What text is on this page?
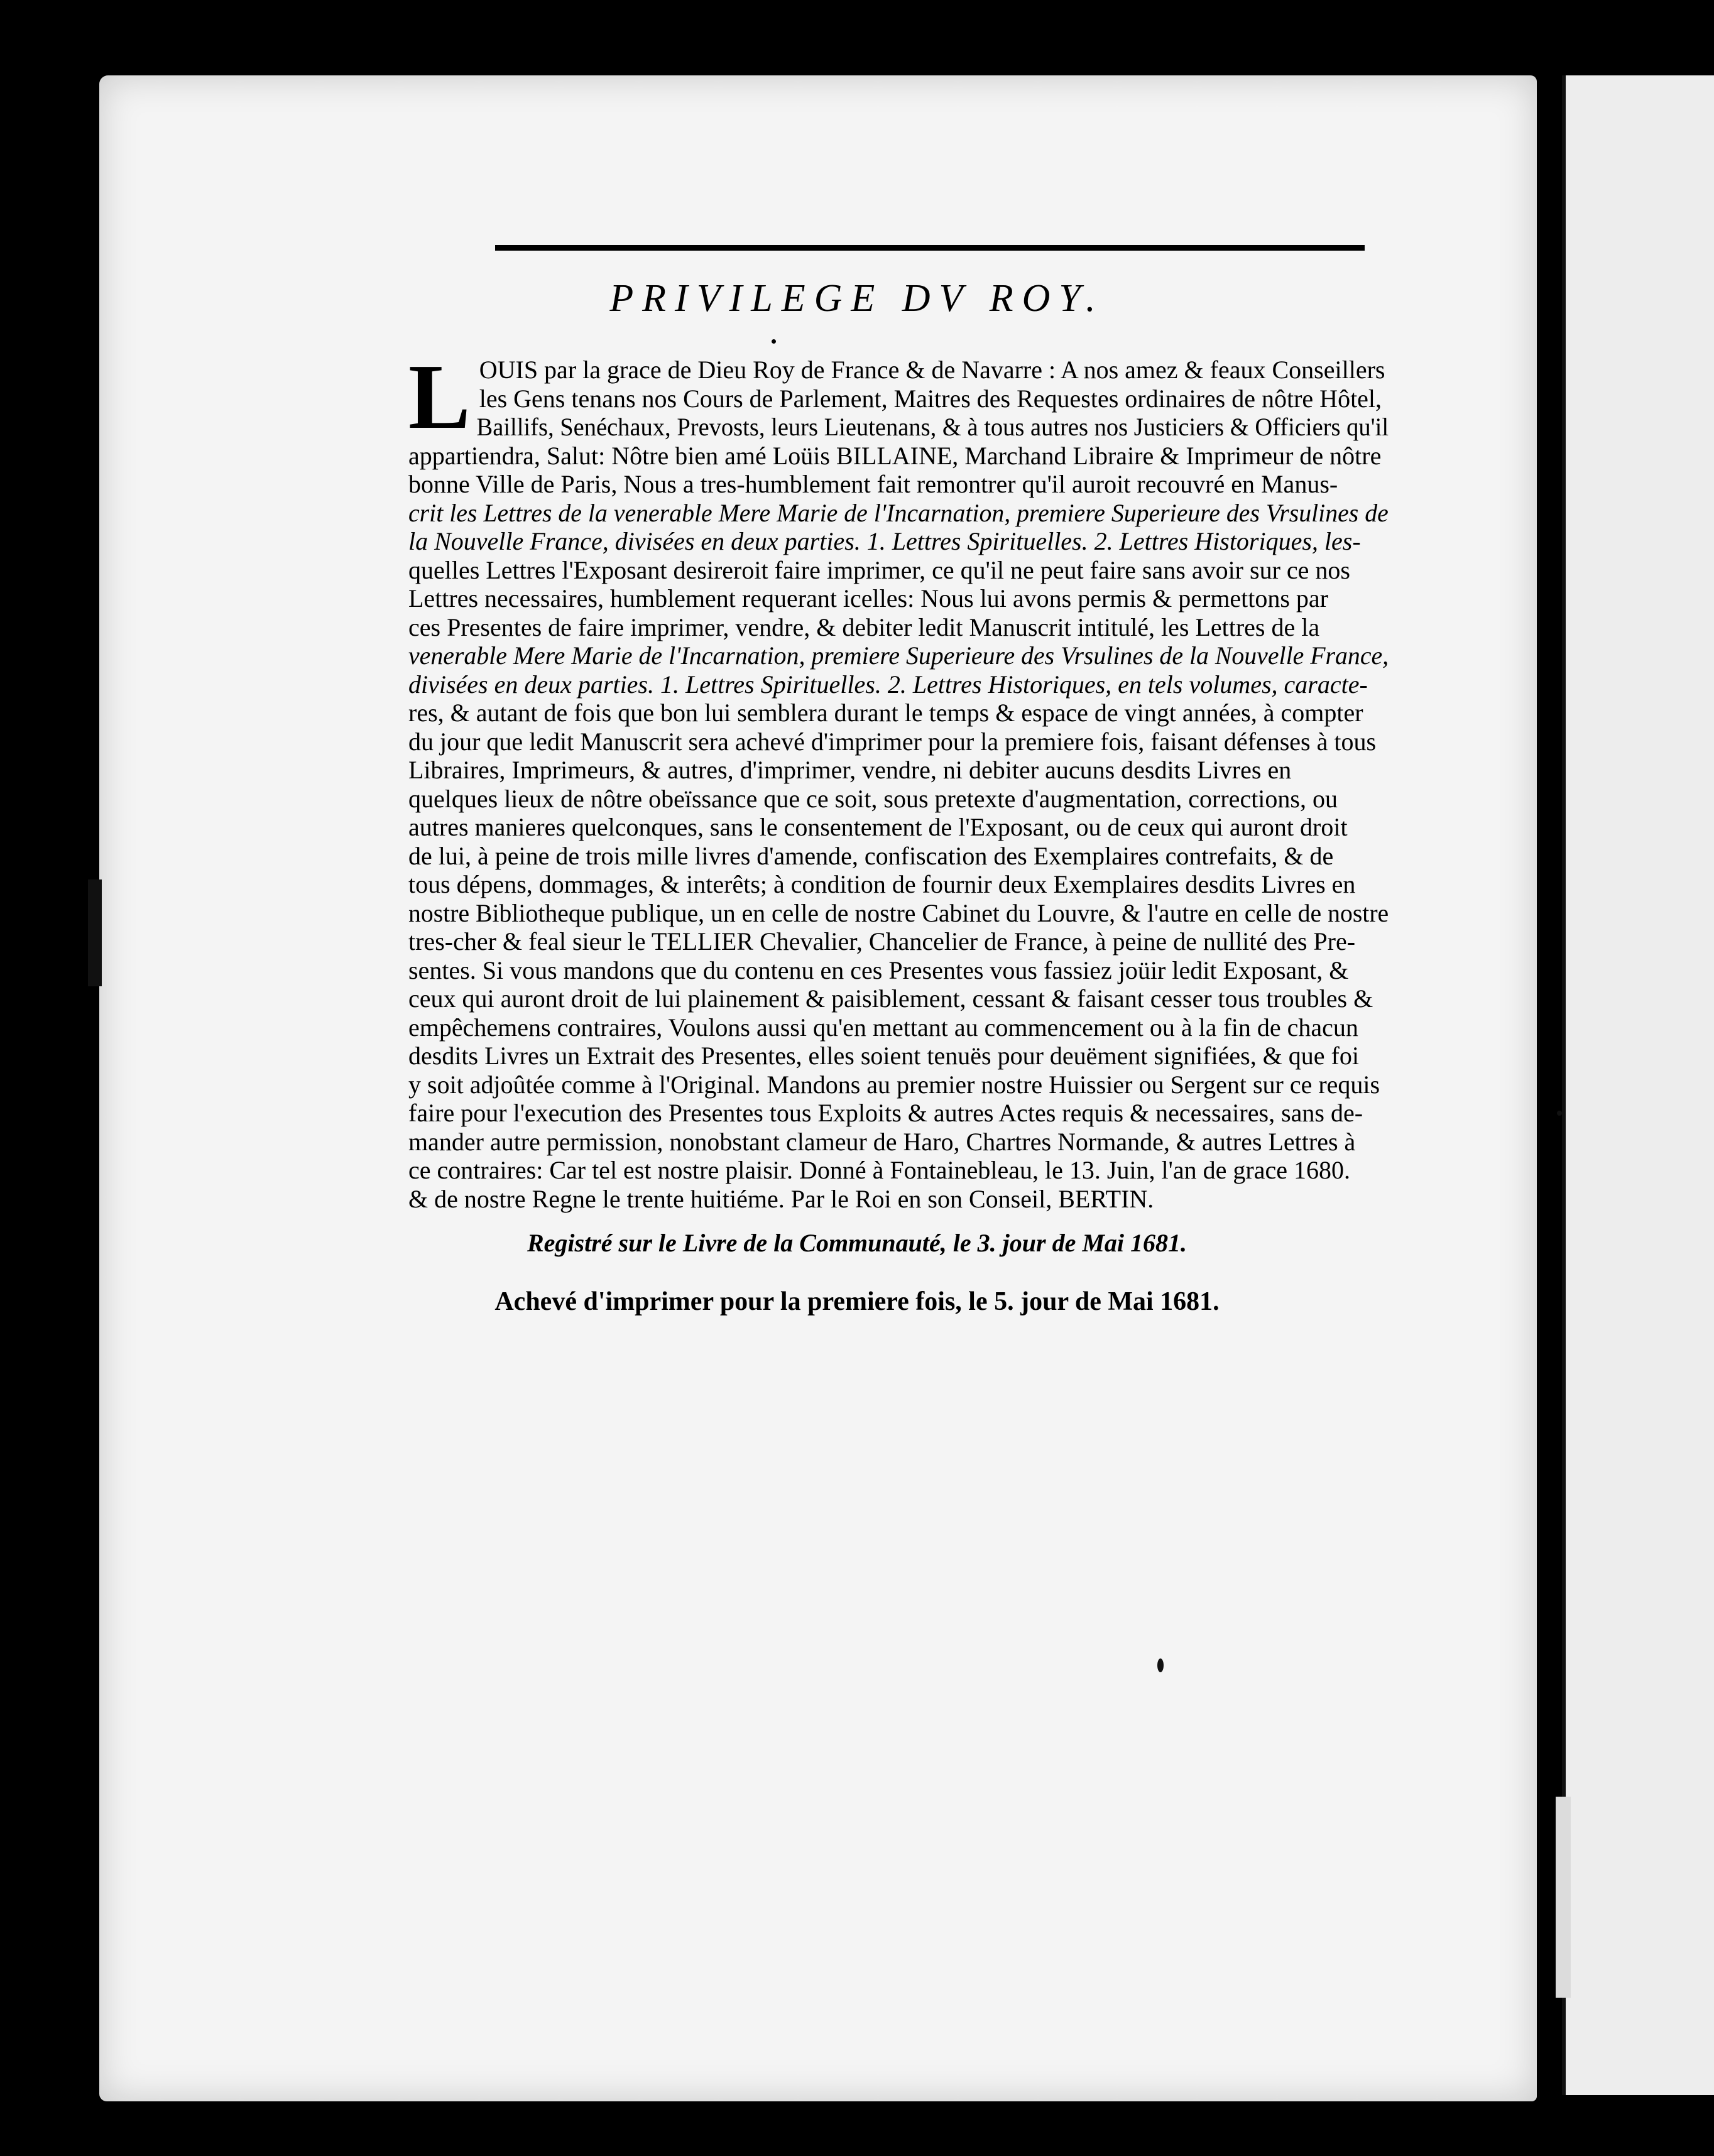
PRIVILEGE DV ROY.
L OUIS par la grace de Dieu Roy de France & de Navarre : A nos amez & feaux Conseillers
les Gens tenans nos Cours de Parlement, Maitres des Requestes ordinaires de nôtre Hôtel,
Baillifs, Senéchaux, Prevosts, leurs Lieutenans, & à tous autres nos Justiciers & Officiers qu'il
appartiendra, Salut: Nôtre bien amé Loüis BILLAINE, Marchand Libraire & Imprimeur de nôtre
bonne Ville de Paris, Nous a tres-humblement fait remontrer qu'il auroit recouvré en Manus-
crit les Lettres de la venerable Mere Marie de l'Incarnation, premiere Superieure des Vrsulines de
la Nouvelle France, divisées en deux parties. 1. Lettres Spirituelles. 2. Lettres Historiques, les-
quelles Lettres l'Exposant desireroit faire imprimer, ce qu'il ne peut faire sans avoir sur ce nos
Lettres necessaires, humblement requerant icelles: Nous lui avons permis & permettons par
ces Presentes de faire imprimer, vendre, & debiter ledit Manuscrit intitulé, les Lettres de la
venerable Mere Marie de l'Incarnation, premiere Superieure des Vrsulines de la Nouvelle France,
divisées en deux parties. 1. Lettres Spirituelles. 2. Lettres Historiques, en tels volumes, caracte-
res, & autant de fois que bon lui semblera durant le temps & espace de vingt années, à compter
du jour que ledit Manuscrit sera achevé d'imprimer pour la premiere fois, faisant défenses à tous
Libraires, Imprimeurs, & autres, d'imprimer, vendre, ni debiter aucuns desdits Livres en
quelques lieux de nôtre obeïssance que ce soit, sous pretexte d'augmentation, corrections, ou
autres manieres quelconques, sans le consentement de l'Exposant, ou de ceux qui auront droit
de lui, à peine de trois mille livres d'amende, confiscation des Exemplaires contrefaits, & de
tous dépens, dommages, & interêts; à condition de fournir deux Exemplaires desdits Livres en
nostre Bibliotheque publique, un en celle de nostre Cabinet du Louvre, & l'autre en celle de nostre
tres-cher & feal sieur le TELLIER Chevalier, Chancelier de France, à peine de nullité des Pre-
sentes. Si vous mandons que du contenu en ces Presentes vous fassiez joüir ledit Exposant, &
ceux qui auront droit de lui plainement & paisiblement, cessant & faisant cesser tous troubles &
empêchemens contraires, Voulons aussi qu'en mettant au commencement ou à la fin de chacun
desdits Livres un Extrait des Presentes, elles soient tenuës pour deuëment signifiées, & que foi
y soit adjoûtée comme à l'Original. Mandons au premier nostre Huissier ou Sergent sur ce requis
faire pour l'execution des Presentes tous Exploits & autres Actes requis & necessaires, sans de-
mander autre permission, nonobstant clameur de Haro, Chartres Normande, & autres Lettres à
ce contraires: Car tel est nostre plaisir. Donné à Fontainebleau, le 13. Juin, l'an de grace 1680.
& de nostre Regne le trente huitiéme. Par le Roi en son Conseil, BERTIN.
Registré sur le Livre de la Communauté, le 3. jour de Mai 1681.
Achevé d'imprimer pour la premiere fois, le 5. jour de Mai 1681.
